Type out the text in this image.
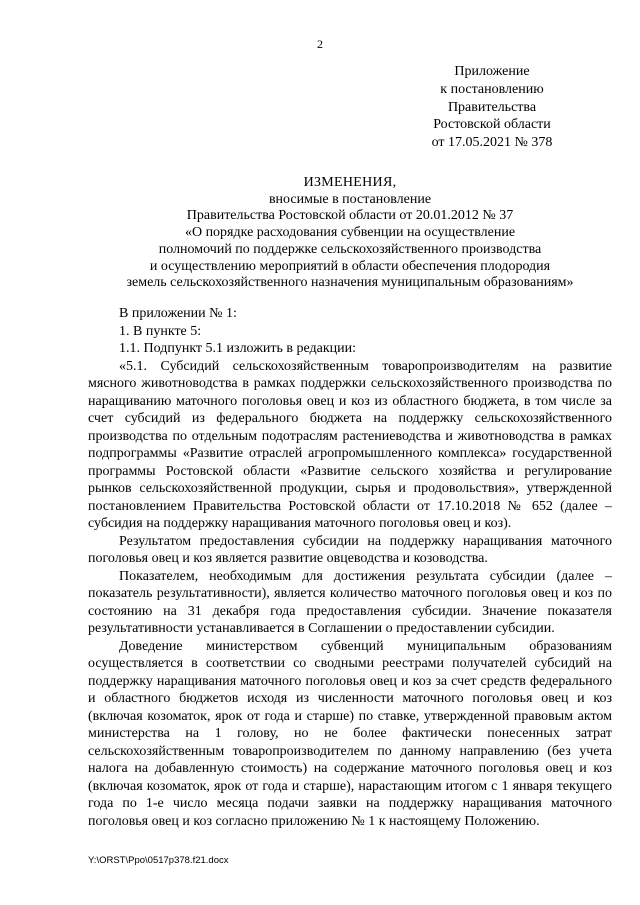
2
Приложение
к постановлению
Правительства
Ростовской области
от 17.05.2021 № 378
ИЗМЕНЕНИЯ,
вносимые в постановление
Правительства Ростовской области от 20.01.2012 № 37
«О порядке расходования субвенции на осуществление
полномочий по поддержке сельскохозяйственного производства
и осуществлению мероприятий в области обеспечения плодородия
земель сельскохозяйственного назначения муниципальным образованиям»

В приложении № 1:

1. В пункте 5:

1.1. Подпункт 5.1 изложить в редакции:

«5.1. Субсидий сельскохозяйственным товаропроизводителям на развитие мясного животноводства в рамках поддержки сельскохозяйственного производства по наращиванию маточного поголовья овец и коз из областного бюджета, в том числе за счет субсидий из федерального бюджета на поддержку сельскохозяйственного производства по отдельным подотраслям растениеводства и животноводства в рамках подпрограммы «Развитие отраслей агропромышленного комплекса» государственной программы Ростовской области «Развитие сельского хозяйства и регулирование рынков сельскохозяйственной продукции, сырья и продовольствия», утвержденной постановлением Правительства Ростовской области от 17.10.2018 № 652 (далее – субсидия на поддержку наращивания маточного поголовья овец и коз).

Результатом предоставления субсидии на поддержку наращивания маточного поголовья овец и коз является развитие овцеводства и козоводства.

Показателем, необходимым для достижения результата субсидии (далее – показатель результативности), является количество маточного поголовья овец и коз по состоянию на 31 декабря года предоставления субсидии. Значение показателя результативности устанавливается в Соглашении о предоставлении субсидии.

Доведение министерством субвенций муниципальным образованиям осуществляется в соответствии со сводными реестрами получателей субсидий на поддержку наращивания маточного поголовья овец и коз за счет средств федерального и областного бюджетов исходя из численности маточного поголовья овец и коз (включая козоматок, ярок от года и старше) по ставке, утвержденной правовым актом министерства на 1 голову, но не более фактически понесенных затрат сельскохозяйственным товаропроизводителем по данному направлению (без учета налога на добавленную стоимость) на содержание маточного поголовья овец и коз (включая козоматок, ярок от года и старше), нарастающим итогом с 1 января текущего года по 1-е число месяца подачи заявки на поддержку наращивания маточного поголовья овец и коз согласно приложению № 1 к настоящему Положению.

Y:\ORST\Ppo\0517p378.f21.docx
